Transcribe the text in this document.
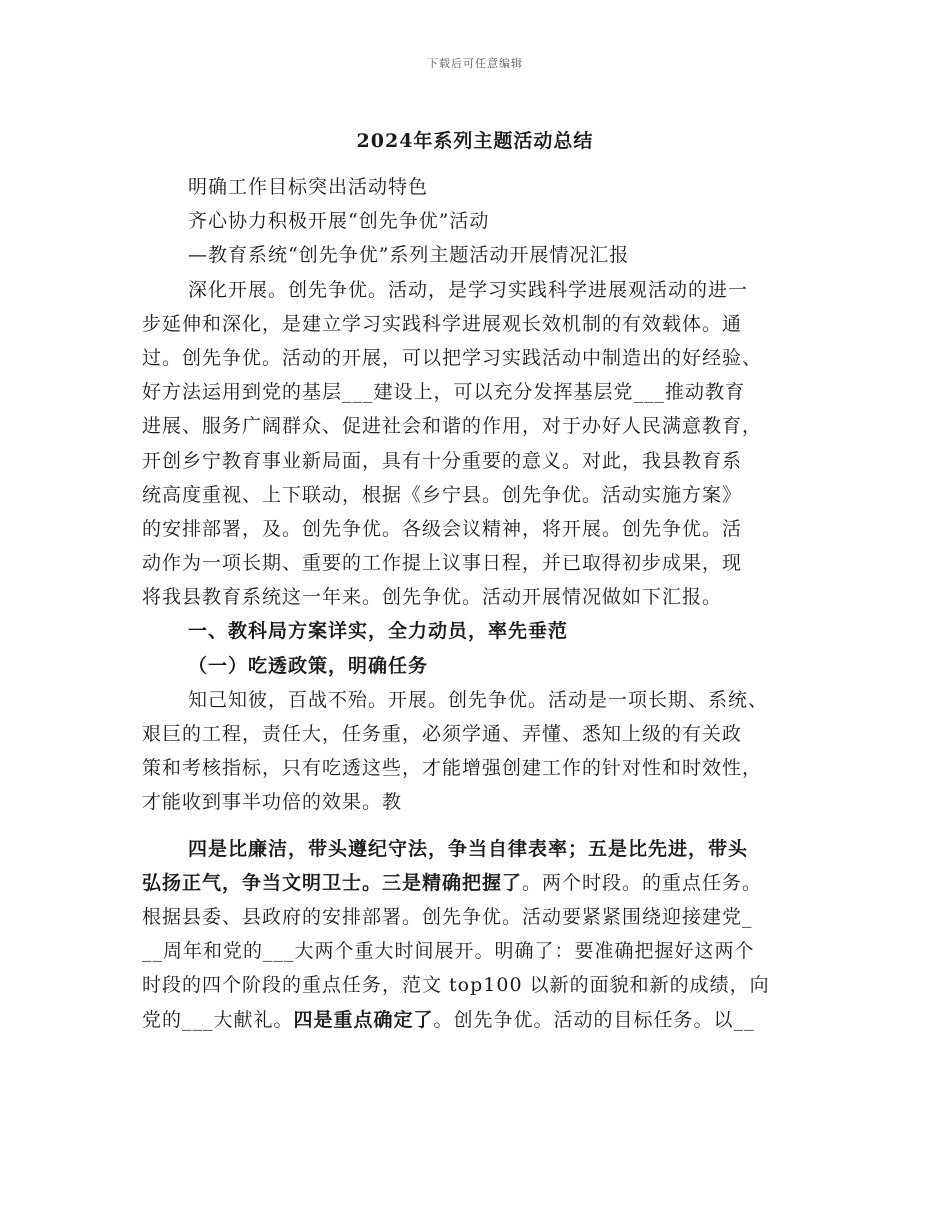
下载后可任意编辑
2024年系列主题活动总结
明确工作目标突出活动特色
齐心协力积极开展“创先争优”活动
—教育系统“创先争优”系列主题活动开展情况汇报
深化开展。创先争优。活动，是学习实践科学进展观活动的进一
步延伸和深化，是建立学习实践科学进展观长效机制的有效载体。通
过。创先争优。活动的开展，可以把学习实践活动中制造出的好经验、
好方法运用到党的基层___建设上，可以充分发挥基层党___推动教育
进展、服务广阔群众、促进社会和谐的作用，对于办好人民满意教育，
开创乡宁教育事业新局面，具有十分重要的意义。对此，我县教育系
统高度重视、上下联动，根据《乡宁县。创先争优。活动实施方案》
的安排部署，及。创先争优。各级会议精神，将开展。创先争优。活
动作为一项长期、重要的工作提上议事日程，并已取得初步成果，现
将我县教育系统这一年来。创先争优。活动开展情况做如下汇报。
一、教科局方案详实，全力动员，率先垂范
（一）吃透政策，明确任务
知己知彼，百战不殆。开展。创先争优。活动是一项长期、系统、
艰巨的工程，责任大，任务重，必须学通、弄懂、悉知上级的有关政
策和考核指标，只有吃透这些，才能增强创建工作的针对性和时效性，
才能收到事半功倍的效果。教
四是比廉洁，带头遵纪守法，争当自律表率；五是比先进，带头
弘扬正气，争当文明卫士。三是精确把握了。两个时段。的重点任务。
根据县委、县政府的安排部署。创先争优。活动要紧紧围绕迎接建党_
__周年和党的___大两个重大时间展开。明确了：要准确把握好这两个
时段的四个阶段的重点任务，范文 top100 以新的面貌和新的成绩，向
党的___大献礼。四是重点确定了。创先争优。活动的目标任务。以__
